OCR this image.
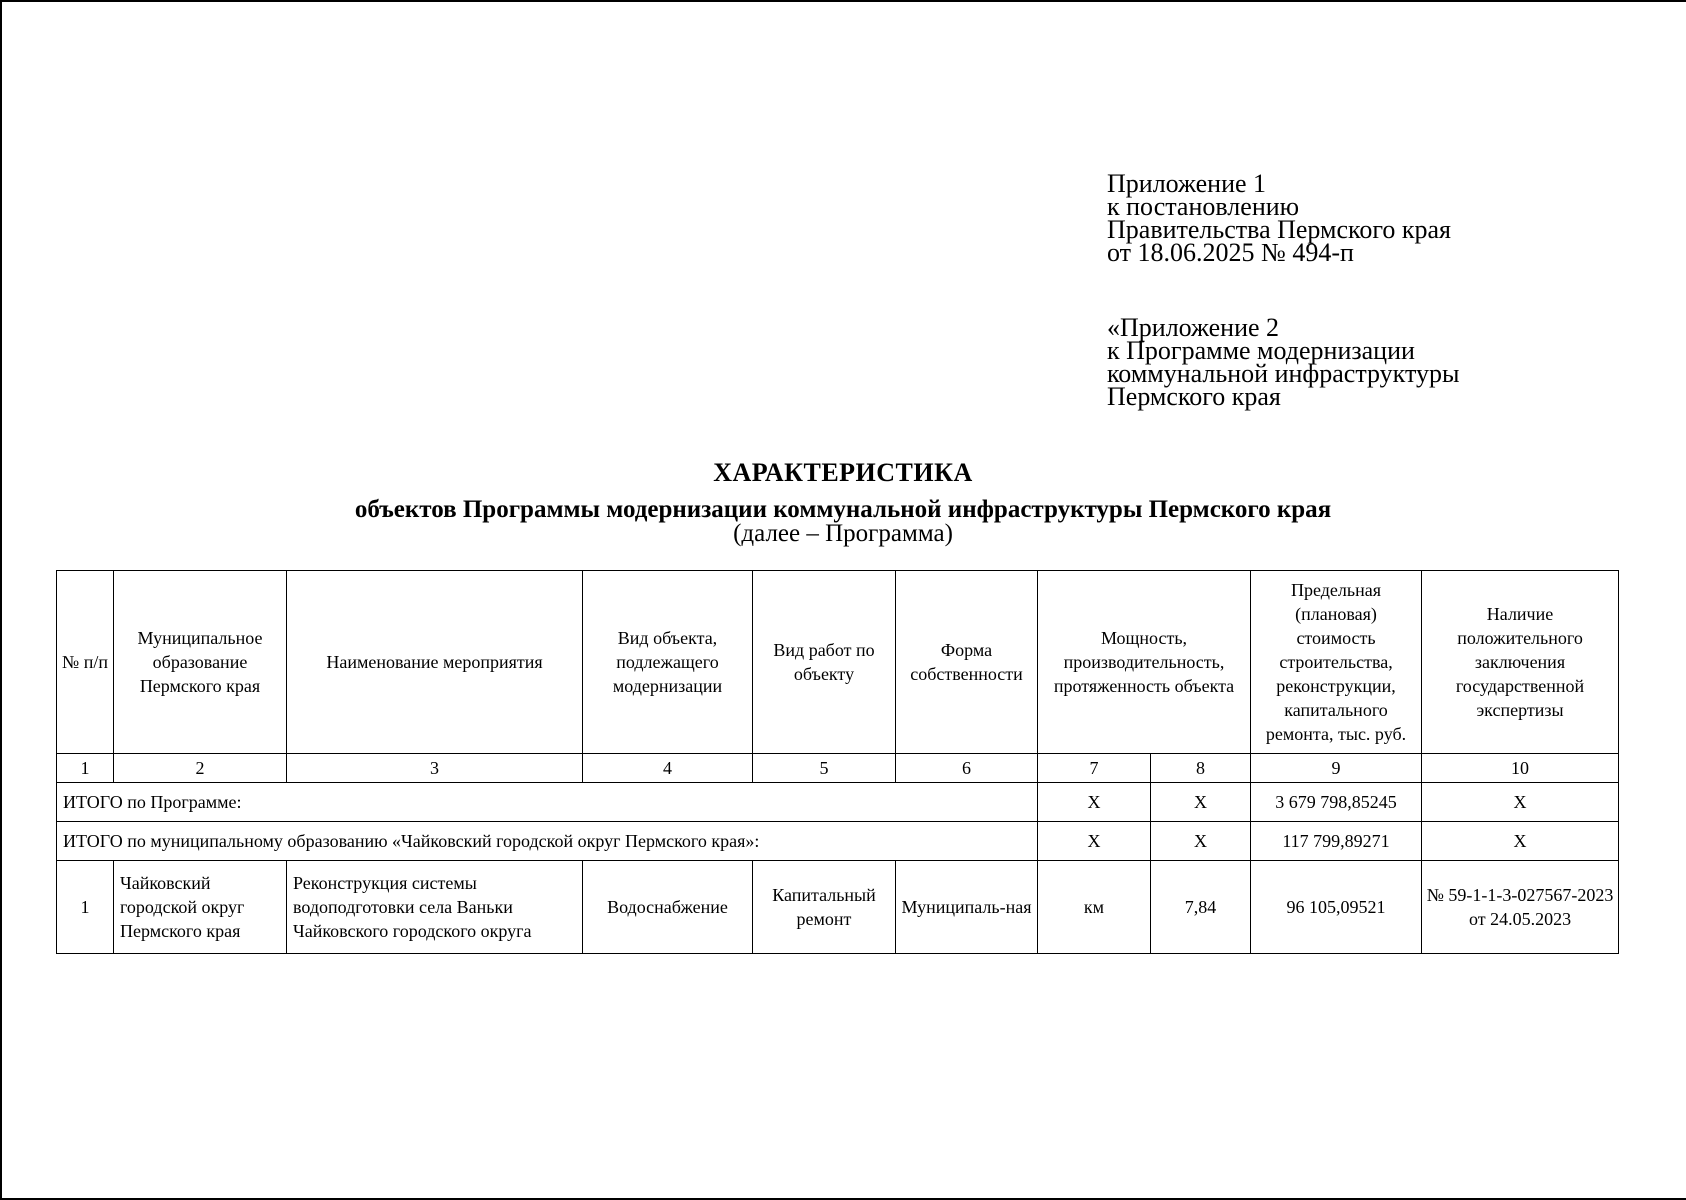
Приложение 1
к постановлению
Правительства Пермского края
от 18.06.2025 № 494-п
«Приложение 2
к Программе модернизации
коммунальной инфраструктуры
Пермского края
ХАРАКТЕРИСТИКА
объектов Программы модернизации коммунальной инфраструктуры Пермского края
(далее – Программа)
№ п/п	Муниципальное образование Пермского края	Наименование мероприятия	Вид объекта, подлежащего модернизации	Вид работ по объекту	Форма собственности	Мощность, производительность, протяженность объекта		Предельная (плановая) стоимость строительства, реконструкции, капитального ремонта, тыс. руб.	Наличие положительного заключения государственной экспертизы
1	2	3	4	5	6	7	8	9	10
ИТОГО по Программе:						Х	Х	3 679 798,85245	Х
ИТОГО по муниципальному образованию «Чайковский городской округ Пермского края»:						Х	Х	117 799,89271	Х
1	Чайковский городской округ Пермского края	Реконструкция системы водоподготовки села Ваньки Чайковского городского округа	Водоснабжение	Капитальный ремонт	Муниципаль-ная	км	7,84	96 105,09521	№ 59-1-1-3-027567-2023 от 24.05.2023
